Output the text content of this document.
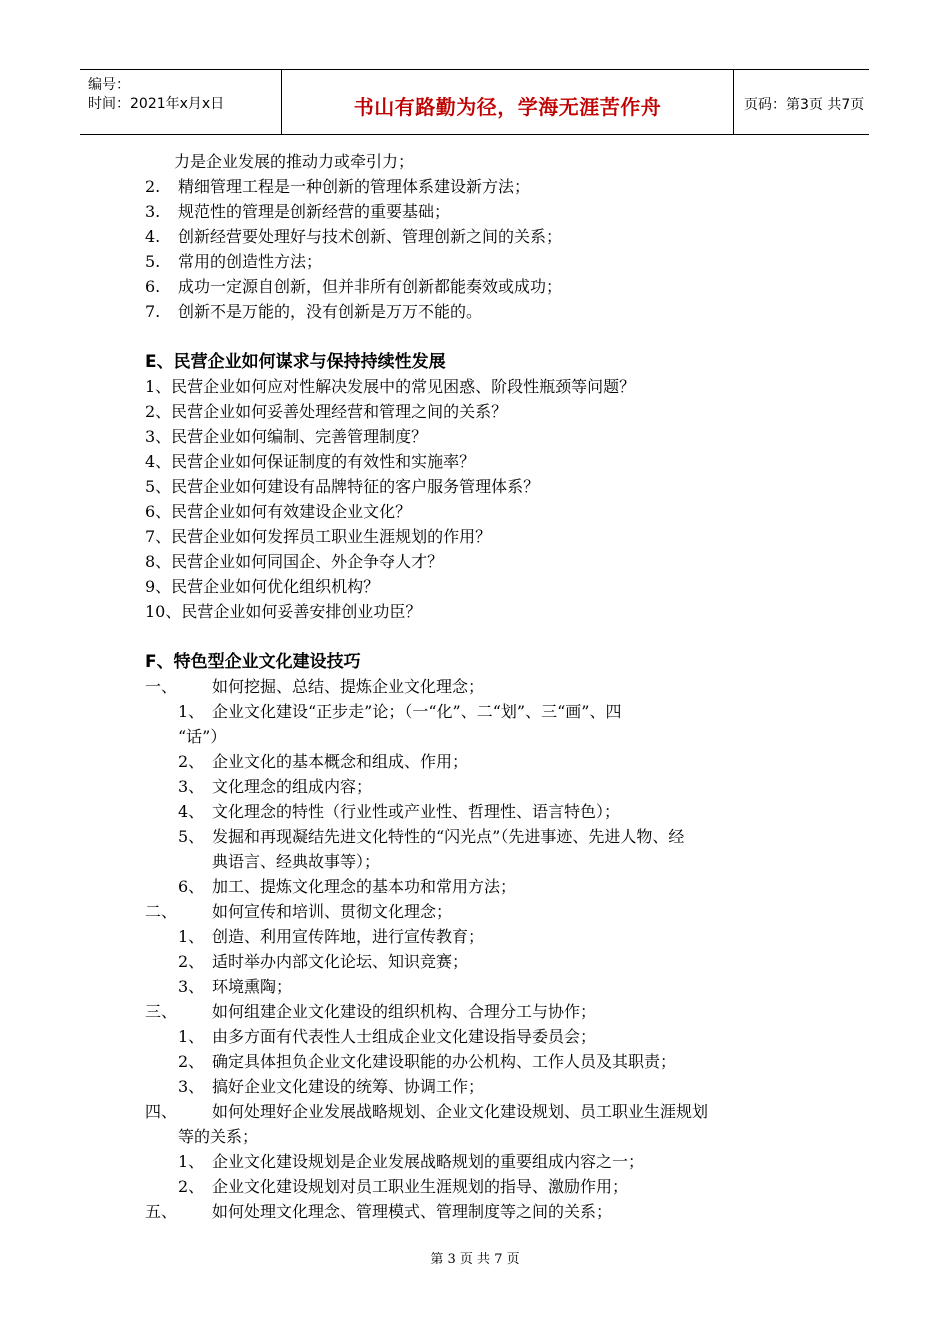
编号：
时间：2021年x月x日	书山有路勤为径，学海无涯苦作舟	页码：第3页 共7页
力是企业发展的推动力或牵引力；
2. 精细管理工程是一种创新的管理体系建设新方法；
3. 规范性的管理是创新经营的重要基础；
4. 创新经营要处理好与技术创新、管理创新之间的关系；
5. 常用的创造性方法；
6. 成功一定源自创新，但并非所有创新都能奏效或成功；
7. 创新不是万能的，没有创新是万万不能的。
E、民营企业如何谋求与保持持续性发展
1、民营企业如何应对性解决发展中的常见困惑、阶段性瓶颈等问题？
2、民营企业如何妥善处理经营和管理之间的关系？
3、民营企业如何编制、完善管理制度？
4、民营企业如何保证制度的有效性和实施率？
5、民营企业如何建设有品牌特征的客户服务管理体系？
6、民营企业如何有效建设企业文化？
7、民营企业如何发挥员工职业生涯规划的作用？
8、民营企业如何同国企、外企争夺人才？
9、民营企业如何优化组织机构？
10、民营企业如何妥善安排创业功臣？
F、特色型企业文化建设技巧
一、 如何挖掘、总结、提炼企业文化理念；
1、 企业文化建设“正步走”论；（一“化”、二“划”、三“画”、四
“话”）
2、 企业文化的基本概念和组成、作用；
3、 文化理念的组成内容；
4、 文化理念的特性（行业性或产业性、哲理性、语言特色）；
5、 发掘和再现凝结先进文化特性的“闪光点”（先进事迹、先进人物、经
典语言、经典故事等）；
6、 加工、提炼文化理念的基本功和常用方法；
二、 如何宣传和培训、贯彻文化理念；
1、 创造、利用宣传阵地，进行宣传教育；
2、 适时举办内部文化论坛、知识竞赛；
3、 环境熏陶；
三、 如何组建企业文化建设的组织机构、合理分工与协作；
1、 由多方面有代表性人士组成企业文化建设指导委员会；
2、 确定具体担负企业文化建设职能的办公机构、工作人员及其职责；
3、 搞好企业文化建设的统筹、协调工作；
四、 如何处理好企业发展战略规划、企业文化建设规划、员工职业生涯规划
等的关系；
1、 企业文化建设规划是企业发展战略规划的重要组成内容之一；
2、 企业文化建设规划对员工职业生涯规划的指导、激励作用；
五、 如何处理文化理念、管理模式、管理制度等之间的关系；
第 3 页 共 7 页
